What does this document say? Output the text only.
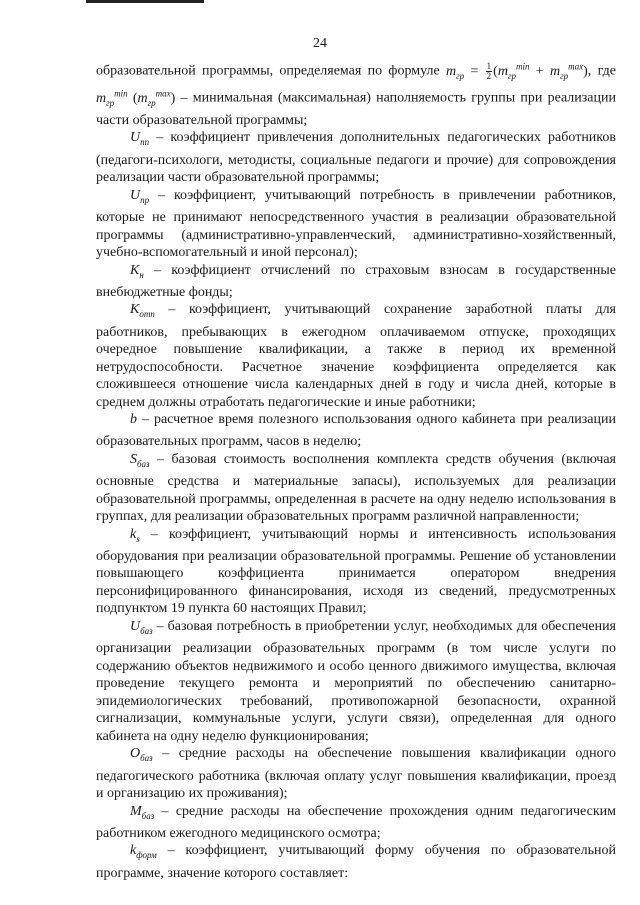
24

образовательной программы, определяемая по формуле $m_{гр} = \frac{1}{2} (m_{гр}^{min} + m_{гр}^{max})$, где $m_{гр}^{min}$ $(m_{гр}^{max})$ – минимальная (максимальная) наполняемость группы при реализации части образовательной программы;

$U_{пп}$ – коэффициент привлечения дополнительных педагогических работников (педагоги-психологи, методисты, социальные педагоги и прочие) для сопровождения реализации части образовательной программы;

$U_{пр}$ – коэффициент, учитывающий потребность в привлечении работников, которые не принимают непосредственного участия в реализации образовательной программы (административно-управленческий, административно-хозяйственный, учебно-вспомогательный и иной персонал);

$K_н$ – коэффициент отчислений по страховым взносам в государственные внебюджетные фонды;

$K_{отп}$ – коэффициент, учитывающий сохранение заработной платы для работников, пребывающих в ежегодном оплачиваемом отпуске, проходящих очередное повышение квалификации, а также в период их временной нетрудоспособности. Расчетное значение коэффициента определяется как сложившееся отношение числа календарных дней в году и числа дней, которые в среднем должны отработать педагогические и иные работники;

b – расчетное время полезного использования одного кабинета при реализации образовательных программ, часов в неделю;

$S_{баз}$ – базовая стоимость восполнения комплекта средств обучения (включая основные средства и материальные запасы), используемых для реализации образовательной программы, определенная в расчете на одну неделю использования в группах, для реализации образовательных программ различной направленности;

$k_s$ – коэффициент, учитывающий нормы и интенсивность использования оборудования при реализации образовательной программы. Решение об установлении повышающего коэффициента принимается оператором внедрения персонифицированного финансирования, исходя из сведений, предусмотренных подпунктом 19 пункта 60 настоящих Правил;

$U_{баз}$ – базовая потребность в приобретении услуг, необходимых для обеспечения организации реализации образовательных программ (в том числе услуги по содержанию объектов недвижимого и особо ценного движимого имущества, включая проведение текущего ремонта и мероприятий по обеспечению санитарно-эпидемиологических требований, противопожарной безопасности, охранной сигнализации, коммунальные услуги, услуги связи), определенная для одного кабинета на одну неделю функционирования;

$O_{баз}$ – средние расходы на обеспечение повышения квалификации одного педагогического работника (включая оплату услуг повышения квалификации, проезд и организацию их проживания);

$M_{баз}$ – средние расходы на обеспечение прохождения одним педагогическим работником ежегодного медицинского осмотра;

$k_{форм}$ – коэффициент, учитывающий форму обучения по образовательной программе, значение которого составляет:
